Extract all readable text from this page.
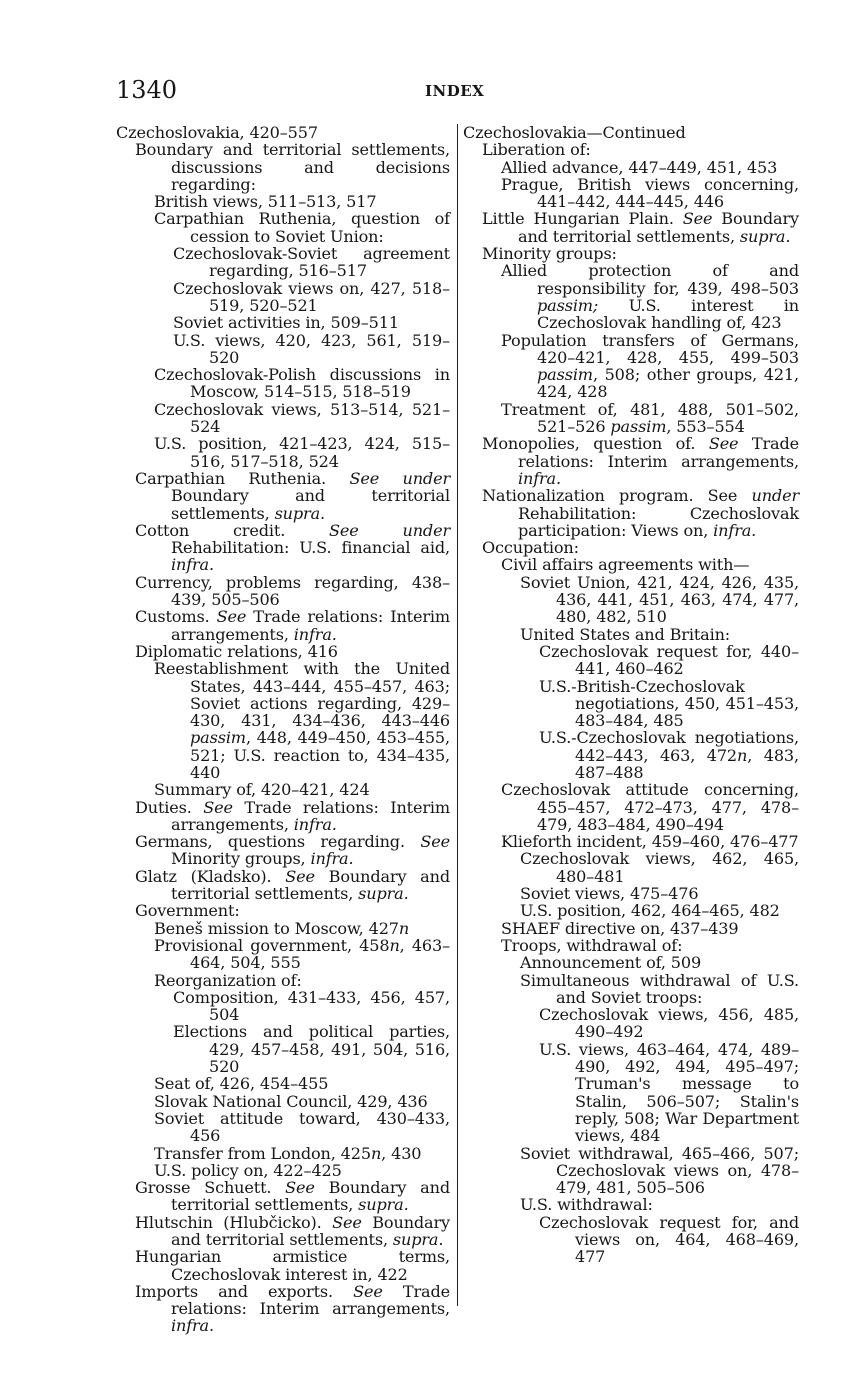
1340	INDEX
Czechoslovakia, 420–557
Boundary and territorial settlements, discussions and decisions regarding:
British views, 511–513, 517
Carpathian Ruthenia, question of cession to Soviet Union:
Czechoslovak-Soviet agreement regarding, 516–517
Czechoslovak views on, 427, 518–519, 520–521
Soviet activities in, 509–511
U.S. views, 420, 423, 561, 519–520
Czechoslovak-Polish discussions in Moscow, 514–515, 518–519
Czechoslovak views, 513–514, 521–524
U.S. position, 421–423, 424, 515–516, 517–518, 524
Carpathian Ruthenia. See under Boundary and territorial settlements, supra.
Cotton credit. See under Rehabilitation: U.S. financial aid, infra.
Currency, problems regarding, 438–439, 505–506
Customs. See Trade relations: Interim arrangements, infra.
Diplomatic relations, 416
Reestablishment with the United States, 443–444, 455–457, 463; Soviet actions regarding, 429–430, 431, 434–436, 443–446 passim, 448, 449–450, 453–455, 521; U.S. reaction to, 434–435, 440
Summary of, 420–421, 424
Duties. See Trade relations: Interim arrangements, infra.
Germans, questions regarding. See Minority groups, infra.
Glatz (Kladsko). See Boundary and territorial settlements, supra.
Government:
Beneš mission to Moscow, 427n
Provisional government, 458n, 463–464, 504, 555
Reorganization of:
Composition, 431–433, 456, 457, 504
Elections and political parties, 429, 457–458, 491, 504, 516, 520
Seat of, 426, 454–455
Slovak National Council, 429, 436
Soviet attitude toward, 430–433, 456
Transfer from London, 425n, 430
U.S. policy on, 422–425
Grosse Schuett. See Boundary and territorial settlements, supra.
Hlutschin (Hlubčicko). See Boundary and territorial settlements, supra.
Hungarian armistice terms, Czechoslovak interest in, 422
Imports and exports. See Trade relations: Interim arrangements, infra.
Czechoslovakia—Continued
Liberation of:
Allied advance, 447–449, 451, 453
Prague, British views concerning, 441–442, 444–445, 446
Little Hungarian Plain. See Boundary and territorial settlements, supra.
Minority groups:
Allied protection of and responsibility for, 439, 498–503 passim; U.S. interest in Czechoslovak handling of, 423
Population transfers of Germans, 420–421, 428, 455, 499–503 passim, 508; other groups, 421, 424, 428
Treatment of, 481, 488, 501–502, 521–526 passim, 553–554
Monopolies, question of. See Trade relations: Interim arrangements, infra.
Nationalization program. See under Rehabilitation: Czechoslovak participation: Views on, infra.
Occupation:
Civil affairs agreements with—
Soviet Union, 421, 424, 426, 435, 436, 441, 451, 463, 474, 477, 480, 482, 510
United States and Britain:
Czechoslovak request for, 440–441, 460–462
U.S.-British-Czechoslovak negotiations, 450, 451–453, 483–484, 485
U.S.-Czechoslovak negotiations, 442–443, 463, 472n, 483, 487–488
Czechoslovak attitude concerning, 455–457, 472–473, 477, 478–479, 483–484, 490–494
Klieforth incident, 459–460, 476–477
Czechoslovak views, 462, 465, 480–481
Soviet views, 475–476
U.S. position, 462, 464–465, 482
SHAEF directive on, 437–439
Troops, withdrawal of:
Announcement of, 509
Simultaneous withdrawal of U.S. and Soviet troops:
Czechoslovak views, 456, 485, 490–492
U.S. views, 463–464, 474, 489–490, 492, 494, 495–497; Truman's message to Stalin, 506–507; Stalin's reply, 508; War Department views, 484
Soviet withdrawal, 465–466, 507; Czechoslovak views on, 478–479, 481, 505–506
U.S. withdrawal:
Czechoslovak request for, and views on, 464, 468–469, 477
